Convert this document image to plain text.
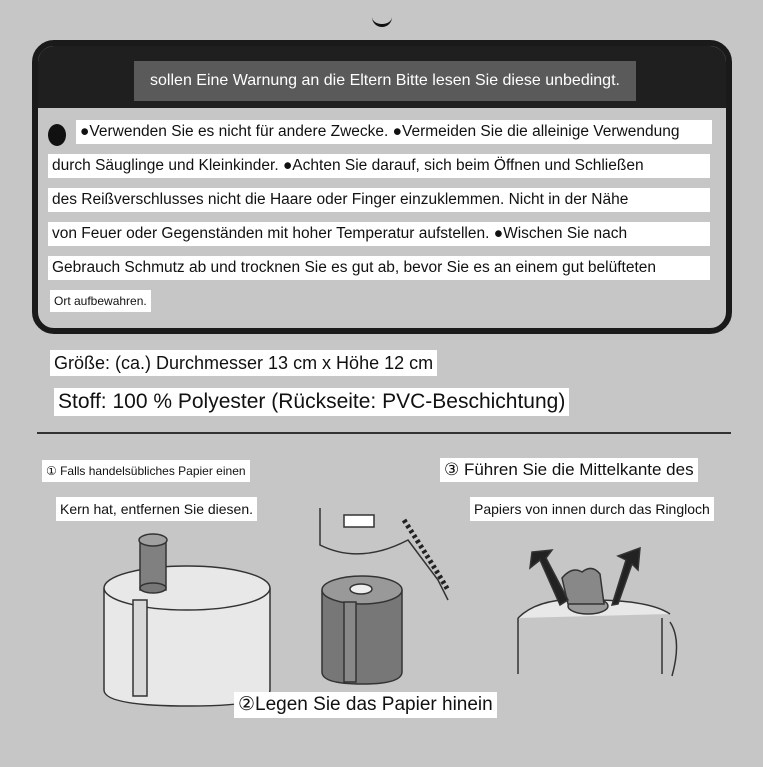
sollen Eine Warnung an die Eltern Bitte lesen Sie diese unbedingt.
●Verwenden Sie es nicht für andere Zwecke. ●Vermeiden Sie die alleinige Verwendung
durch Säuglinge und Kleinkinder. ●Achten Sie darauf, sich beim Öffnen und Schließen
des Reißverschlusses nicht die Haare oder Finger einzuklemmen. Nicht in der Nähe
von Feuer oder Gegenständen mit hoher Temperatur aufstellen. ●Wischen Sie nach
Gebrauch Schmutz ab und trocknen Sie es gut ab, bevor Sie es an einem gut belüfteten
Ort aufbewahren.
Größe: (ca.) Durchmesser 13 cm x Höhe 12 cm
Stoff: 100 % Polyester (Rückseite: PVC-Beschichtung)
① Falls handelsübliches Papier einen
Kern hat, entfernen Sie diesen.
③ Führen Sie die Mittelkante des
Papiers von innen durch das Ringloch
②Legen Sie das Papier hinein
